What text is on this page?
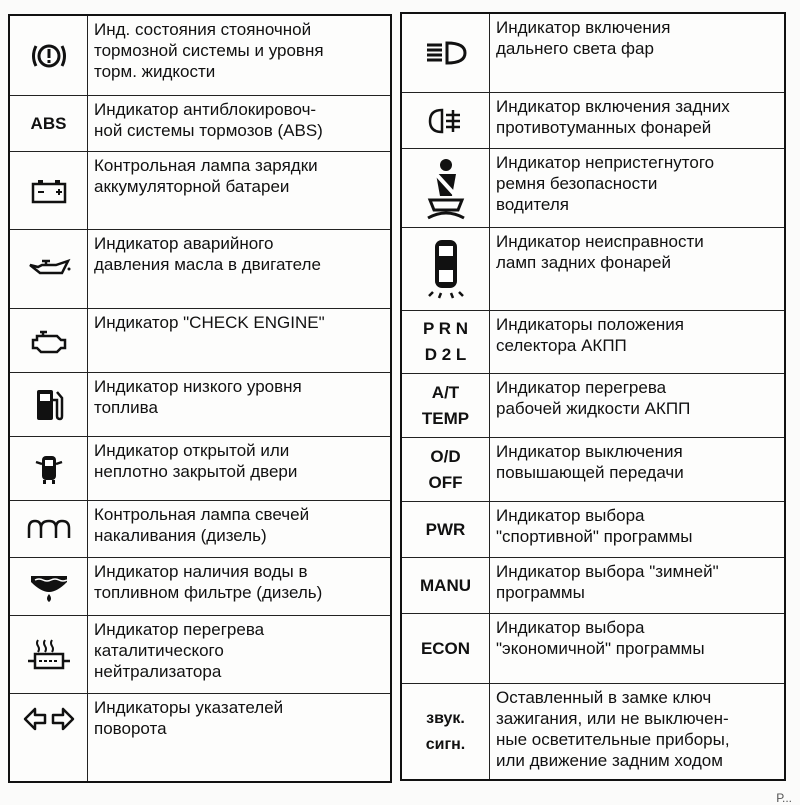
Инд. состояния стояночной
тормозной системы и уровня
торм. жидкости
ABS
Индикатор антиблокировоч-
ной системы тормозов (ABS)
Контрольная лампа зарядки
аккумуляторной батареи
Индикатор аварийного
давления масла в двигателе
Индикатор "CHECK ENGINE"
Индикатор низкого уровня
топлива
Индикатор открытой или
неплотно закрытой двери
Контрольная лампа свечей
накаливания (дизель)
Индикатор наличия воды в
топливном фильтре (дизель)
Индикатор перегрева
каталитического
нейтрализатора
Индикаторы указателей
поворота
Индикатор включения
дальнего света фар
Индикатор включения задних
противотуманных фонарей
Индикатор непристегнутого
ремня безопасности
водителя
Индикатор неисправности
ламп задних фонарей
P R N
D 2 L
Индикаторы положения
селектора АКПП
A/T
TEMP
Индикатор перегрева
рабочей жидкости АКПП
O/D
OFF
Индикатор выключения
повышающей передачи
PWR
Индикатор выбора
"спортивной" программы
MANU
Индикатор выбора "зимней"
программы
ECON
Индикатор выбора
"экономичной" программы
звук.
сигн.
Оставленный в замке ключ
зажигания, или не выключен-
ные осветительные приборы,
или движение задним ходом
Р...
